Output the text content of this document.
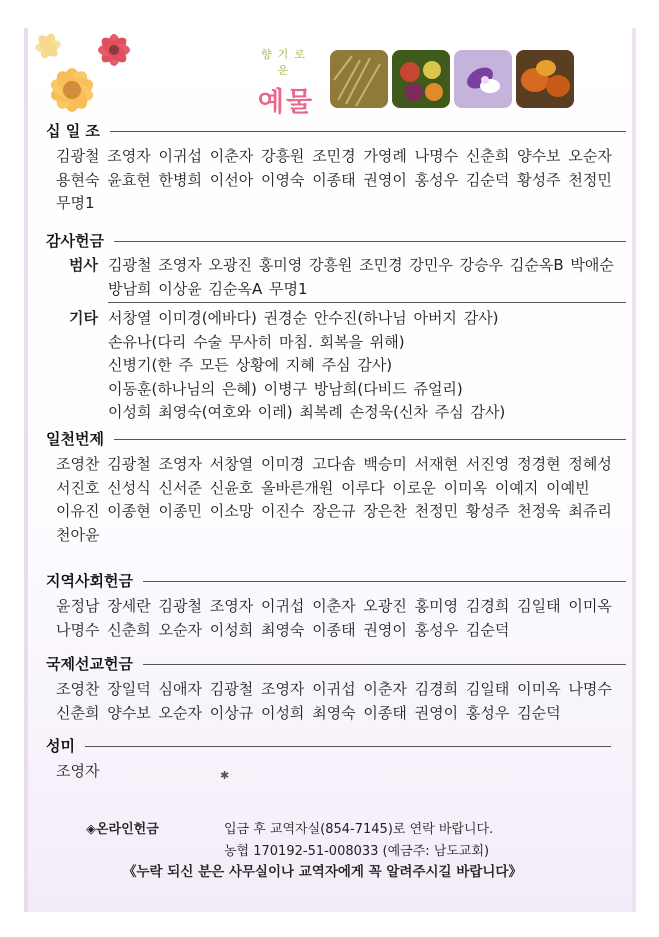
향기로운
예물
십 일 조
김광철 조영자 이귀섭 이춘자 강흥원 조민경 가영례 나명수 신춘희 양수보 오순자
용현숙 윤효현 한병희 이선아 이영숙 이종태 권영이 홍성우 김순덕 황성주 천정민
무명1
감사헌금
범사 김광철 조영자 오광진 홍미영 강흥원 조민경 강민우 강승우 김순옥B 박애순
방남희 이상윤 김순옥A 무명1
기타 서창열 이미경(에바다) 권경순 안수진(하나님 아버지 감사)
손유나(다리 수술 무사히 마침. 회복을 위해)
신병기(한 주 모든 상황에 지혜 주심 감사)
이동훈(하나님의 은혜) 이병구 방남희(다비드 쥬얼리)
이성희 최영숙(여호와 이레) 최복례 손정욱(신차 주심 감사)
일천번제
조영찬 김광철 조영자 서창열 이미경 고다솜 백승미 서재현 서진영 정경현 정혜성
서진호 신성식 신서준 신윤호 올바른개원 이루다 이로운 이미옥 이예지 이예빈
이유진 이종현 이종민 이소망 이진수 장은규 장은찬 천정민 황성주 천정욱 최쥬리
천아윤
지역사회헌금
윤정남 장세란 김광철 조영자 이귀섭 이춘자 오광진 홍미영 김경희 김일태 이미옥
나명수 신춘희 오순자 이성희 최영숙 이종태 권영이 홍성우 김순덕
국제선교헌금
조영찬 장일덕 심애자 김광철 조영자 이귀섭 이춘자 김경희 김일태 이미옥 나명수
신춘희 양수보 오순자 이상규 이성희 최영숙 이종태 권영이 홍성우 김순덕
성미
조영자	✱
◈온라인헌금	입금 후 교역자실(854-7145)로 연락 바랍니다.
농협 170192-51-008033 (예금주: 남도교회)
《누락 되신 분은 사무실이나 교역자에게 꼭 알려주시길 바랍니다》
